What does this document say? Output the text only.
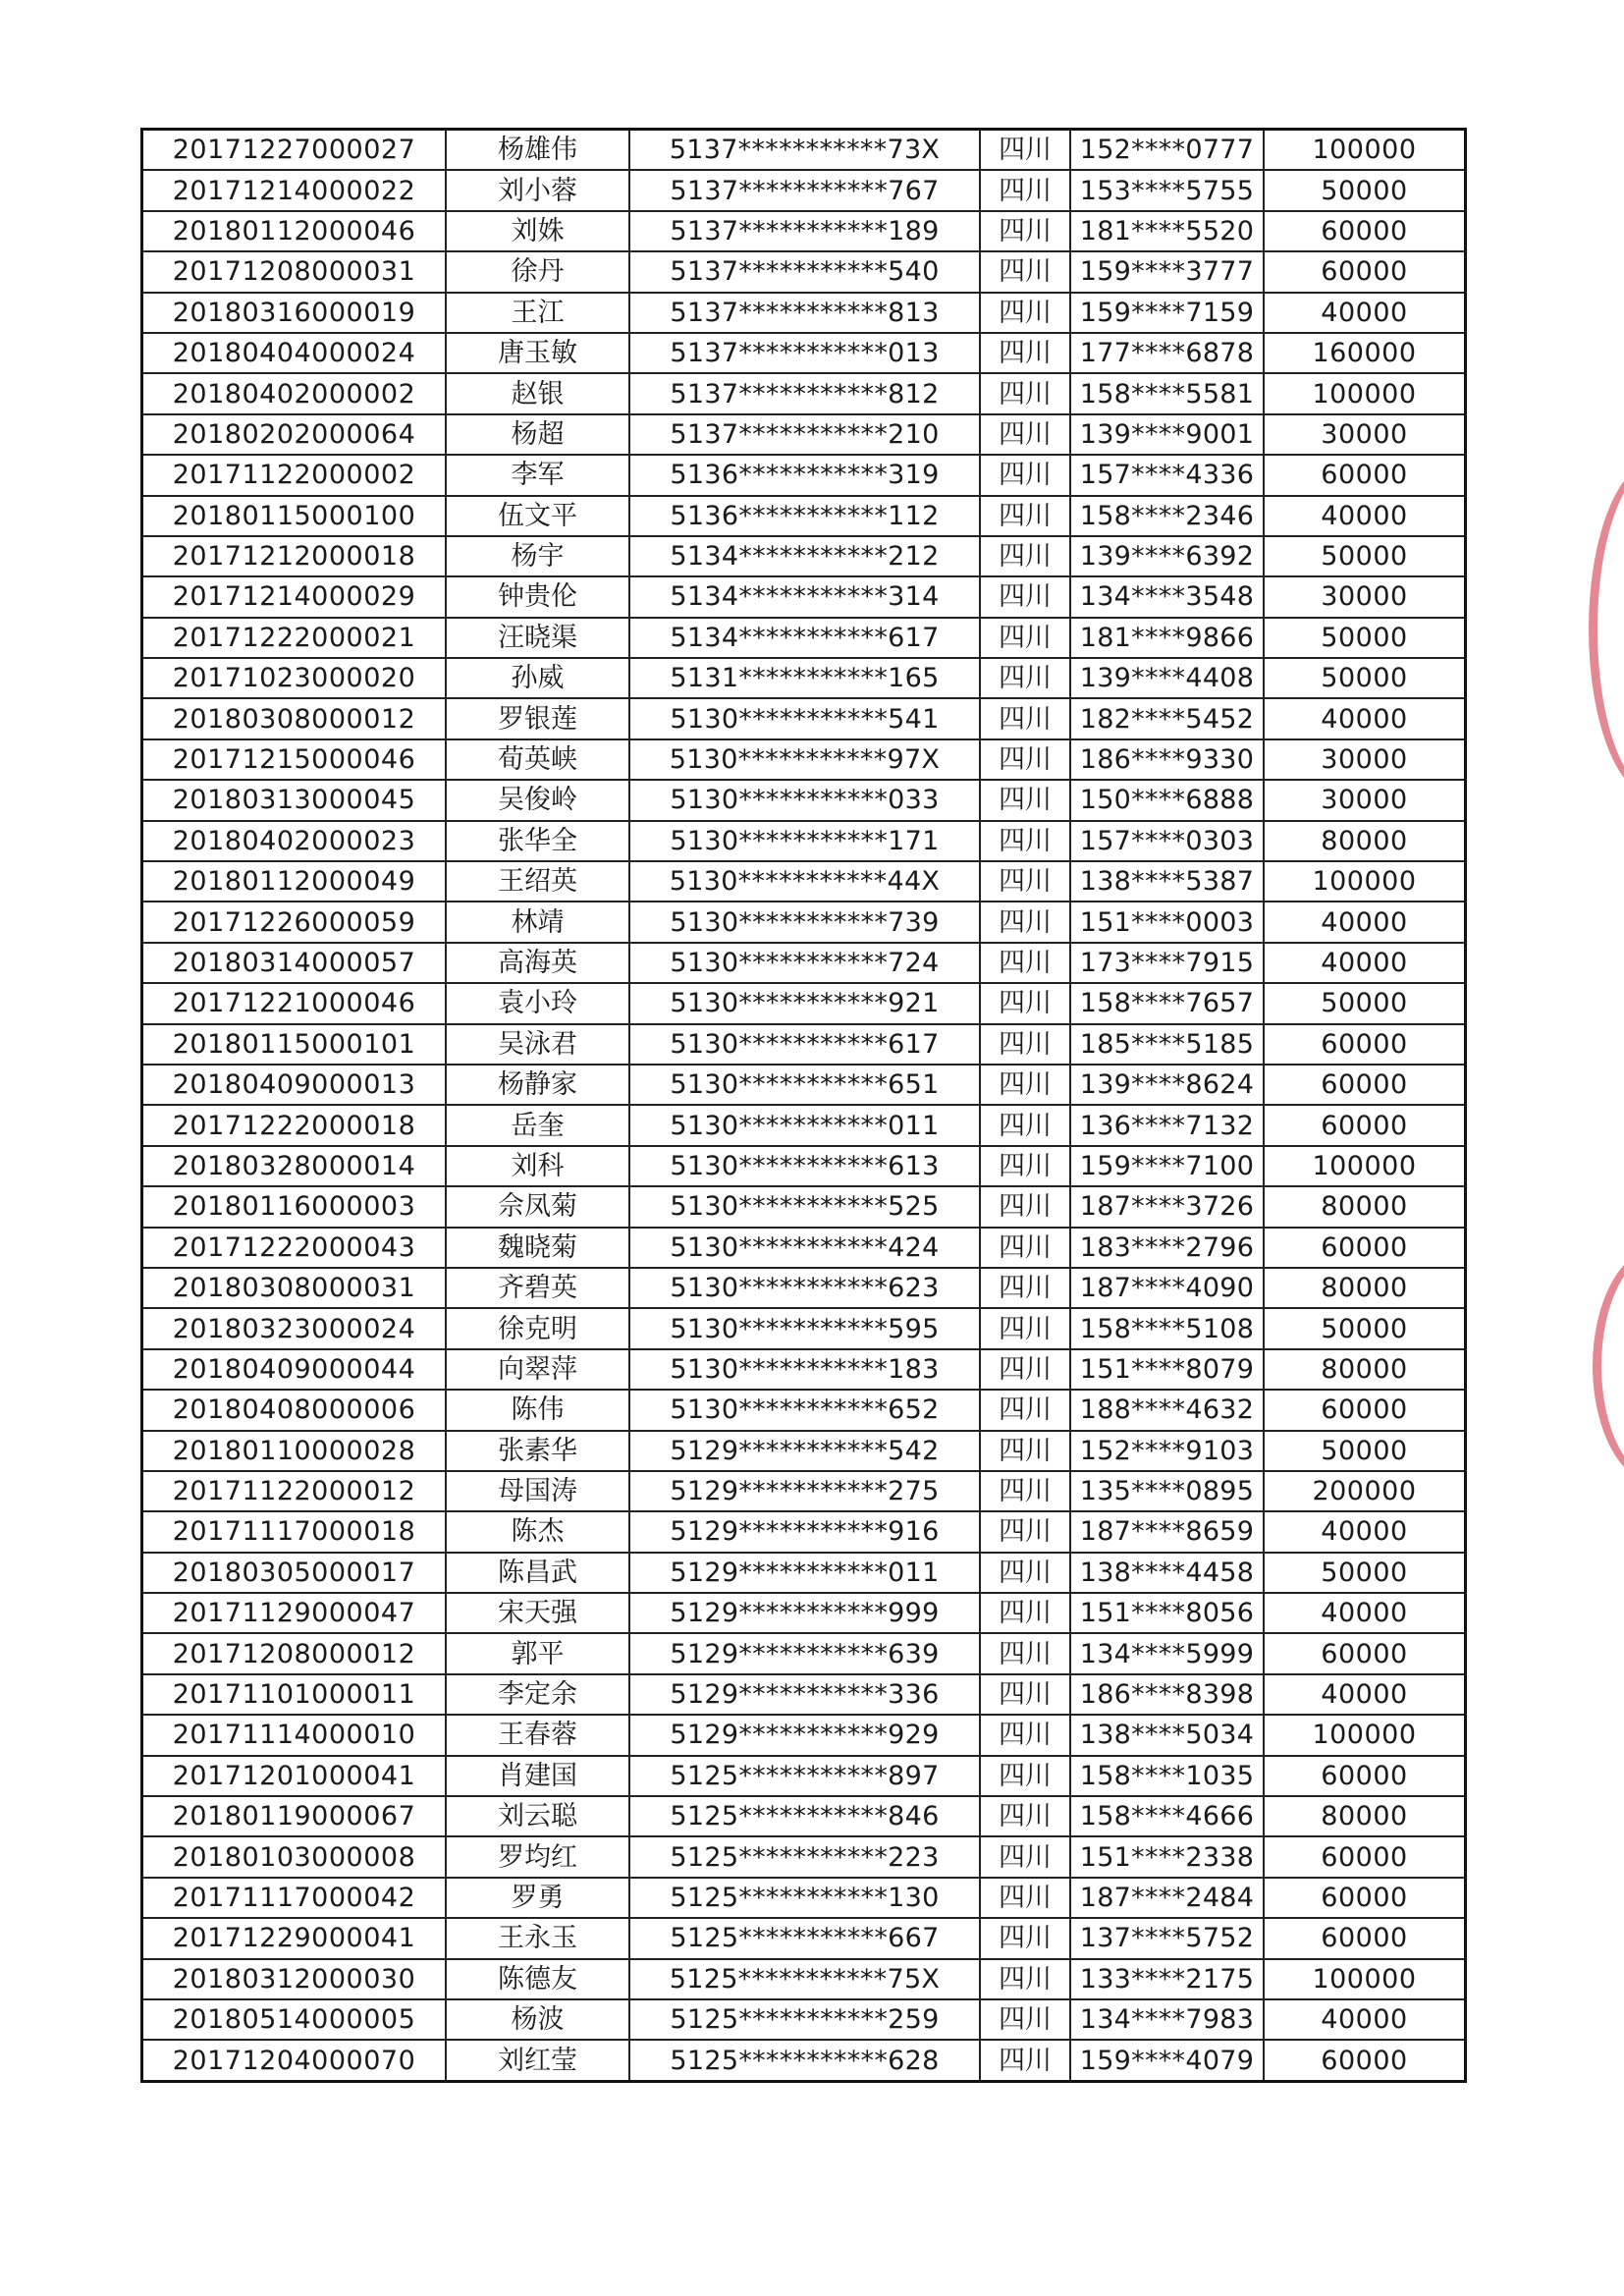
20171227000027	杨雄伟	5137***********73X	四川	152****0777	100000
20171214000022	刘小蓉	5137***********767	四川	153****5755	50000
20180112000046	刘姝	5137***********189	四川	181****5520	60000
20171208000031	徐丹	5137***********540	四川	159****3777	60000
20180316000019	王江	5137***********813	四川	159****7159	40000
20180404000024	唐玉敏	5137***********013	四川	177****6878	160000
20180402000002	赵银	5137***********812	四川	158****5581	100000
20180202000064	杨超	5137***********210	四川	139****9001	30000
20171122000002	李军	5136***********319	四川	157****4336	60000
20180115000100	伍文平	5136***********112	四川	158****2346	40000
20171212000018	杨宇	5134***********212	四川	139****6392	50000
20171214000029	钟贵伦	5134***********314	四川	134****3548	30000
20171222000021	汪晓渠	5134***********617	四川	181****9866	50000
20171023000020	孙威	5131***********165	四川	139****4408	50000
20180308000012	罗银莲	5130***********541	四川	182****5452	40000
20171215000046	荀英峡	5130***********97X	四川	186****9330	30000
20180313000045	吴俊岭	5130***********033	四川	150****6888	30000
20180402000023	张华全	5130***********171	四川	157****0303	80000
20180112000049	王绍英	5130***********44X	四川	138****5387	100000
20171226000059	林靖	5130***********739	四川	151****0003	40000
20180314000057	高海英	5130***********724	四川	173****7915	40000
20171221000046	袁小玲	5130***********921	四川	158****7657	50000
20180115000101	吴泳君	5130***********617	四川	185****5185	60000
20180409000013	杨静家	5130***********651	四川	139****8624	60000
20171222000018	岳奎	5130***********011	四川	136****7132	60000
20180328000014	刘科	5130***********613	四川	159****7100	100000
20180116000003	佘凤菊	5130***********525	四川	187****3726	80000
20171222000043	魏晓菊	5130***********424	四川	183****2796	60000
20180308000031	齐碧英	5130***********623	四川	187****4090	80000
20180323000024	徐克明	5130***********595	四川	158****5108	50000
20180409000044	向翠萍	5130***********183	四川	151****8079	80000
20180408000006	陈伟	5130***********652	四川	188****4632	60000
20180110000028	张素华	5129***********542	四川	152****9103	50000
20171122000012	母国涛	5129***********275	四川	135****0895	200000
20171117000018	陈杰	5129***********916	四川	187****8659	40000
20180305000017	陈昌武	5129***********011	四川	138****4458	50000
20171129000047	宋天强	5129***********999	四川	151****8056	40000
20171208000012	郭平	5129***********639	四川	134****5999	60000
20171101000011	李定余	5129***********336	四川	186****8398	40000
20171114000010	王春蓉	5129***********929	四川	138****5034	100000
20171201000041	肖建国	5125***********897	四川	158****1035	60000
20180119000067	刘云聪	5125***********846	四川	158****4666	80000
20180103000008	罗均红	5125***********223	四川	151****2338	60000
20171117000042	罗勇	5125***********130	四川	187****2484	60000
20171229000041	王永玉	5125***********667	四川	137****5752	60000
20180312000030	陈德友	5125***********75X	四川	133****2175	100000
20180514000005	杨波	5125***********259	四川	134****7983	40000
20171204000070	刘红莹	5125***********628	四川	159****4079	60000
